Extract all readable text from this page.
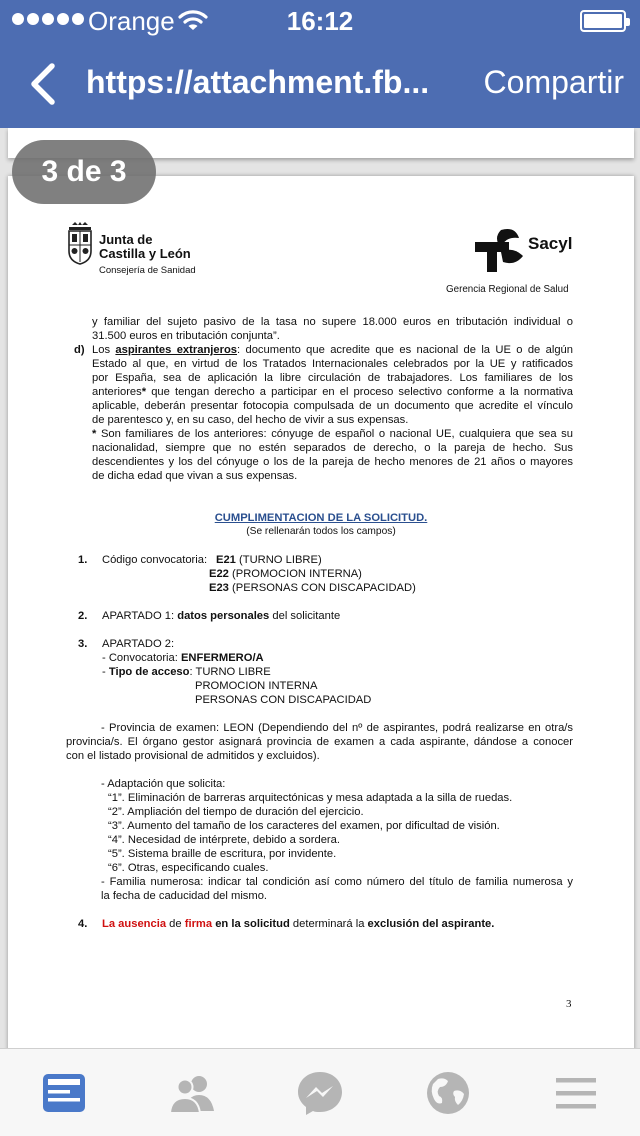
Orange	16:12
https://attachment.fb...	Compartir
3 de 3
Junta de
Castilla y León
Consejería de Sanidad
Sacyl
Gerencia Regional de Salud
y familiar del sujeto pasivo de la tasa no supere 18.000 euros en tributación individual o
31.500 euros en tributación conjunta”.
d) Los aspirantes extranjeros: documento que acredite que es nacional de la UE o de algún
Estado al que, en virtud de los Tratados Internacionales celebrados por la UE y ratificados
por España, sea de aplicación la libre circulación de trabajadores. Los familiares de los
anteriores* que tengan derecho a participar en el proceso selectivo conforme a la normativa
aplicable, deberán presentar fotocopia compulsada de un documento que acredite el vínculo
de parentesco y, en su caso, del hecho de vivir a sus expensas.
* Son familiares de los anteriores: cónyuge de español o nacional UE, cualquiera que sea su
nacionalidad, siempre que no estén separados de derecho, o la pareja de hecho. Sus
descendientes y los del cónyuge o los de la pareja de hecho menores de 21 años o mayores
de dicha edad que vivan a sus expensas.
CUMPLIMENTACION DE LA SOLICITUD.
(Se rellenarán todos los campos)
1. Código convocatoria: E21 (TURNO LIBRE)
E22 (PROMOCION INTERNA)
E23 (PERSONAS CON DISCAPACIDAD)
2. APARTADO 1: datos personales del solicitante
3. APARTADO 2:
- Convocatoria: ENFERMERO/A
- Tipo de acceso: TURNO LIBRE
PROMOCION INTERNA
PERSONAS CON DISCAPACIDAD
- Provincia de examen: LEON (Dependiendo del nº de aspirantes, podrá realizarse en otra/s
provincia/s. El órgano gestor asignará provincia de examen a cada aspirante, dándose a conocer
con el listado provisional de admitidos y excluidos).
- Adaptación que solicita:
“1”. Eliminación de barreras arquitectónicas y mesa adaptada a la silla de ruedas.
“2”. Ampliación del tiempo de duración del ejercicio.
“3”. Aumento del tamaño de los caracteres del examen, por dificultad de visión.
“4”. Necesidad de intérprete, debido a sordera.
“5”. Sistema braille de escritura, por invidente.
“6”. Otras, especificando cuales.
- Familia numerosa: indicar tal condición así como número del título de familia numerosa y
la fecha de caducidad del mismo.
4. La ausencia de firma en la solicitud determinará la exclusión del aspirante.
3
